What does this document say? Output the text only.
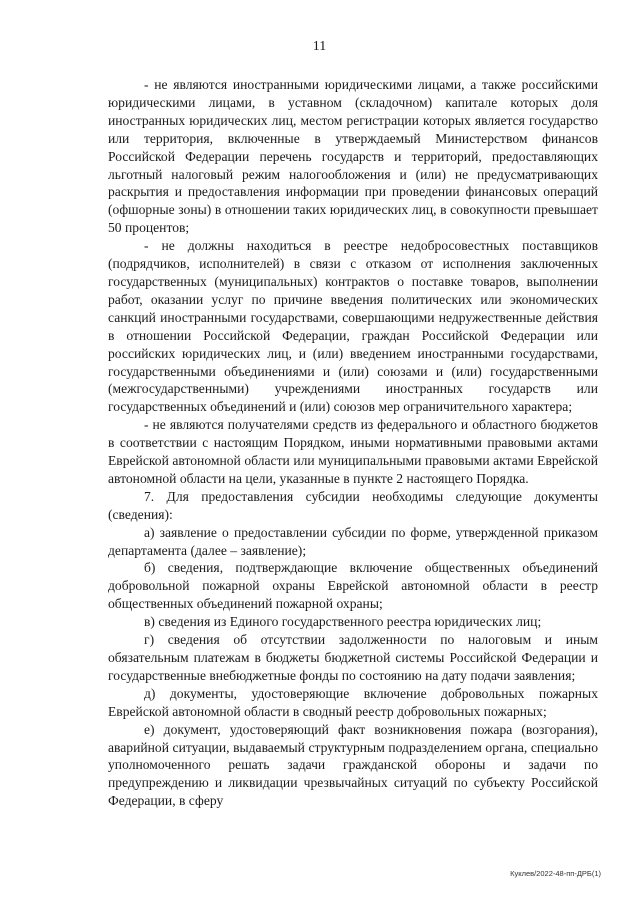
11

- не являются иностранными юридическими лицами, а также российскими юридическими лицами, в уставном (складочном) капитале которых доля иностранных юридических лиц, местом регистрации которых является государство или территория, включенные в утверждаемый Министерством финансов Российской Федерации перечень государств и территорий, предоставляющих льготный налоговый режим налогообложения и (или) не предусматривающих раскрытия и предоставления информации при проведении финансовых операций (офшорные зоны) в отношении таких юридических лиц, в совокупности превышает 50 процентов;

- не должны находиться в реестре недобросовестных поставщиков (подрядчиков, исполнителей) в связи с отказом от исполнения заключенных государственных (муниципальных) контрактов о поставке товаров, выполнении работ, оказании услуг по причине введения политических или экономических санкций иностранными государствами, совершающими недружественные действия в отношении Российской Федерации, граждан Российской Федерации или российских юридических лиц, и (или) введением иностранными государствами, государственными объединениями и (или) союзами и (или) государственными (межгосударственными) учреждениями иностранных государств или государственных объединений и (или) союзов мер ограничительного характера;

- не являются получателями средств из федерального и областного бюджетов в соответствии с настоящим Порядком, иными нормативными правовыми актами Еврейской автономной области или муниципальными правовыми актами Еврейской автономной области на цели, указанные в пункте 2 настоящего Порядка.

7. Для предоставления субсидии необходимы следующие документы (сведения):

а) заявление о предоставлении субсидии по форме, утвержденной приказом департамента (далее – заявление);

б) сведения, подтверждающие включение общественных объединений добровольной пожарной охраны Еврейской автономной области в реестр общественных объединений пожарной охраны;

в) сведения из Единого государственного реестра юридических лиц;

г) сведения об отсутствии задолженности по налоговым и иным обязательным платежам в бюджеты бюджетной системы Российской Федерации и государственные внебюджетные фонды по состоянию на дату подачи заявления;

д) документы, удостоверяющие включение добровольных пожарных Еврейской автономной области в сводный реестр добровольных пожарных;

е) документ, удостоверяющий факт возникновения пожара (возгорания), аварийной ситуации, выдаваемый структурным подразделением органа, специально уполномоченного решать задачи гражданской обороны и задачи по предупреждению и ликвидации чрезвычайных ситуаций по субъекту Российской Федерации, в сферу

Куклев/2022-48-пп-ДРБ(1)
